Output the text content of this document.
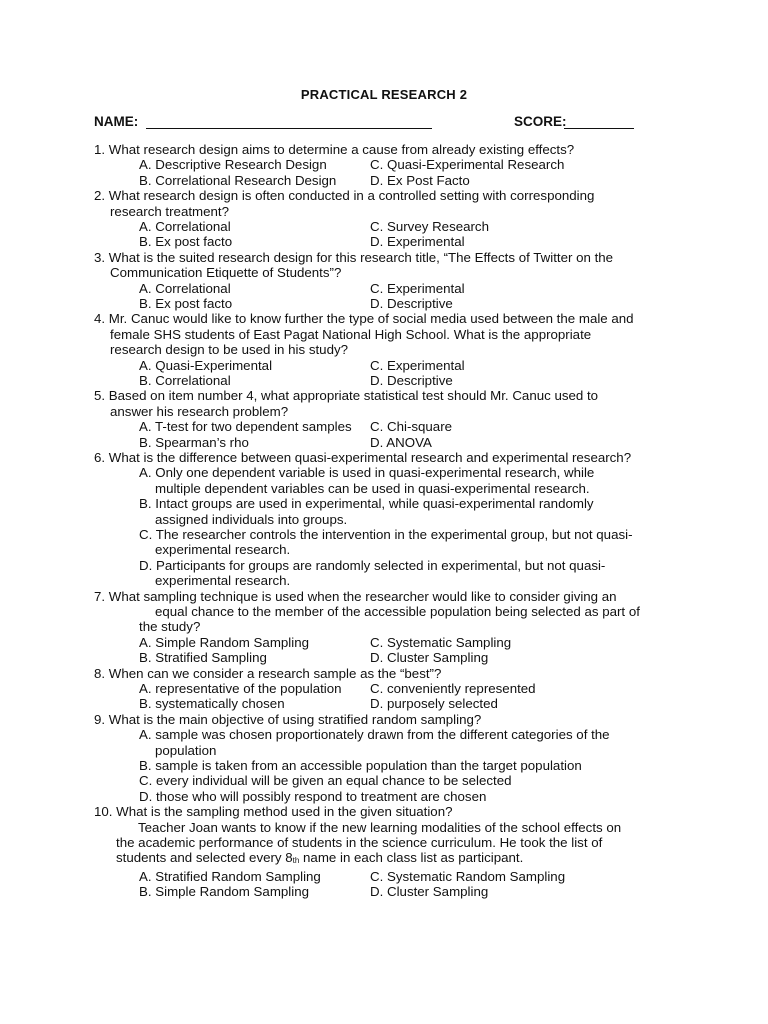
PRACTICAL RESEARCH 2
NAME:	SCORE:
1. What research design aims to determine a cause from already existing effects?
A. Descriptive Research Design	C. Quasi-Experimental Research
B. Correlational Research Design	D. Ex Post Facto
2. What research design is often conducted in a controlled setting with corresponding
research treatment?
A. Correlational	C. Survey Research
B. Ex post facto	D. Experimental
3. What is the suited research design for this research title, “The Effects of Twitter on the
Communication Etiquette of Students”?
A. Correlational	C. Experimental
B. Ex post facto	D. Descriptive
4. Mr. Canuc would like to know further the type of social media used between the male and
female SHS students of East Pagat National High School. What is the appropriate
research design to be used in his study?
A. Quasi-Experimental	C. Experimental
B. Correlational	D. Descriptive
5. Based on item number 4, what appropriate statistical test should Mr. Canuc used to
answer his research problem?
A. T-test for two dependent samples C. Chi-square
B. Spearman’s rho	D. ANOVA
6. What is the difference between quasi-experimental research and experimental research?
A. Only one dependent variable is used in quasi-experimental research, while
multiple dependent variables can be used in quasi-experimental research.
B. Intact groups are used in experimental, while quasi-experimental randomly
assigned individuals into groups.
C. The researcher controls the intervention in the experimental group, but not quasi-
experimental research.
D. Participants for groups are randomly selected in experimental, but not quasi-
experimental research.
7. What sampling technique is used when the researcher would like to consider giving an
equal chance to the member of the accessible population being selected as part of
the study?
A. Simple Random Sampling	C. Systematic Sampling
B. Stratified Sampling	D. Cluster Sampling
8. When can we consider a research sample as the “best”?
A. representative of the population C. conveniently represented
B. systematically chosen	D. purposely selected
9. What is the main objective of using stratified random sampling?
A. sample was chosen proportionately drawn from the different categories of the
population
B. sample is taken from an accessible population than the target population
C. every individual will be given an equal chance to be selected
D. those who will possibly respond to treatment are chosen
10. What is the sampling method used in the given situation?
Teacher Joan wants to know if the new learning modalities of the school effects on
the academic performance of students in the science curriculum. He took the list of
students and selected every $8_{th}$ name in each class list as participant.
A. Stratified Random Sampling	C. Systematic Random Sampling
B. Simple Random Sampling	D. Cluster Sampling
